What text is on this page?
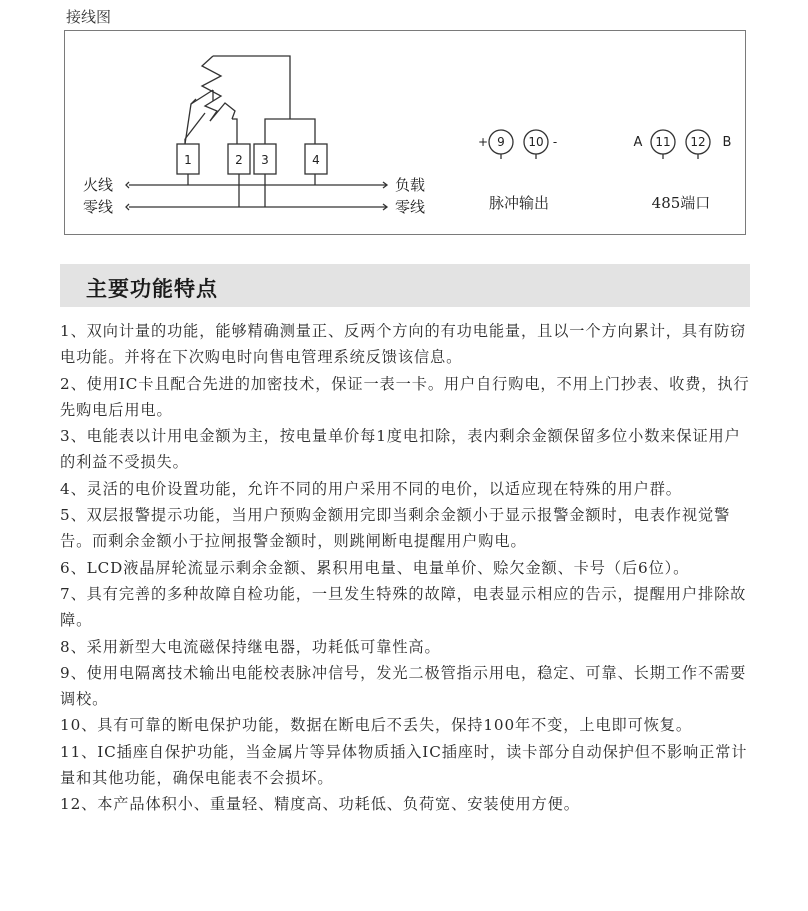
接线图
1	2 3	4
火线
零线
负载
零线
+ 9 10 -
脉冲输出
A 11 12 B
485端口
主要功能特点

1、双向计量的功能，能够精确测量正、反两个方向的有功电能量，且以一个方向累计，具有防窃电功能。并将在下次购电时向售电管理系统反馈该信息。

2、使用IC卡且配合先进的加密技术，保证一表一卡。用户自行购电，不用上门抄表、收费，执行先购电后用电。

3、电能表以计用电金额为主，按电量单价每1度电扣除，表内剩余金额保留多位小数来保证用户的利益不受损失。

4、灵活的电价设置功能，允许不同的用户采用不同的电价，以适应现在特殊的用户群。

5、双层报警提示功能，当用户预购金额用完即当剩余金额小于显示报警金额时，电表作视觉警告。而剩余金额小于拉闸报警金额时，则跳闸断电提醒用户购电。

6、LCD液晶屏轮流显示剩余金额、累积用电量、电量单价、赊欠金额、卡号（后6位）。

7、具有完善的多种故障自检功能，一旦发生特殊的故障，电表显示相应的告示，提醒用户排除故障。

8、采用新型大电流磁保持继电器，功耗低可靠性高。

9、使用电隔离技术输出电能校表脉冲信号，发光二极管指示用电，稳定、可靠、长期工作不需要调校。

10、具有可靠的断电保护功能，数据在断电后不丢失，保持100年不变，上电即可恢复。

11、IC插座自保护功能，当金属片等异体物质插入IC插座时，读卡部分自动保护但不影响正常计量和其他功能，确保电能表不会损坏。

12、本产品体积小、重量轻、精度高、功耗低、负荷宽、安装使用方便。
